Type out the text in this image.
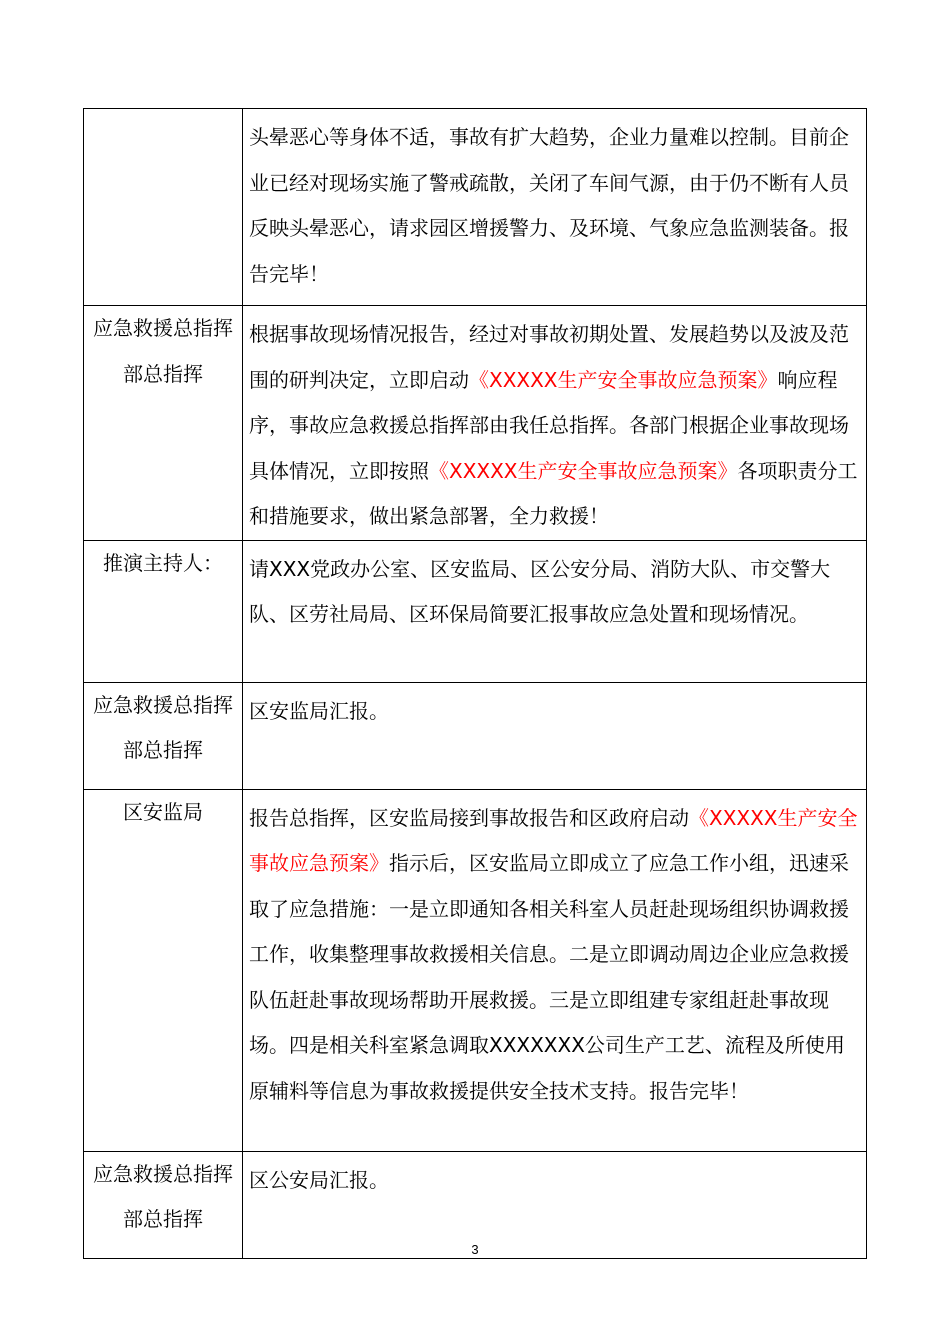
	头晕恶心等身体不适，事故有扩大趋势，企业力量难以控制。目前企业已经对现场实施了警戒疏散，关闭了车间气源，由于仍不断有人员反映头晕恶心，请求园区增援警力、及环境、气象应急监测装备。报告完毕！

应急救援总指挥部总指挥	根据事故现场情况报告，经过对事故初期处置、发展趋势以及波及范围的研判决定，立即启动《XXXXX生产安全事故应急预案》响应程序，事故应急救援总指挥部由我任总指挥。各部门根据企业事故现场具体情况，立即按照《XXXXX生产安全事故应急预案》各项职责分工和措施要求，做出紧急部署，全力救援！

推演主持人：	请XXX党政办公室、区安监局、区公安分局、消防大队、市交警大队、区劳社局局、区环保局简要汇报事故应急处置和现场情况。

应急救援总指挥部总指挥	区安监局汇报。

区安监局	报告总指挥，区安监局接到事故报告和区政府启动《XXXXX生产安全事故应急预案》指示后，区安监局立即成立了应急工作小组，迅速采取了应急措施：一是立即通知各相关科室人员赶赴现场组织协调救援工作，收集整理事故救援相关信息。二是立即调动周边企业应急救援队伍赶赴事故现场帮助开展救援。三是立即组建专家组赶赴事故现场。四是相关科室紧急调取XXXXXXX公司生产工艺、流程及所使用原辅料等信息为事故救援提供安全技术支持。报告完毕！

应急救援总指挥部总指挥	区公安局汇报。

3
